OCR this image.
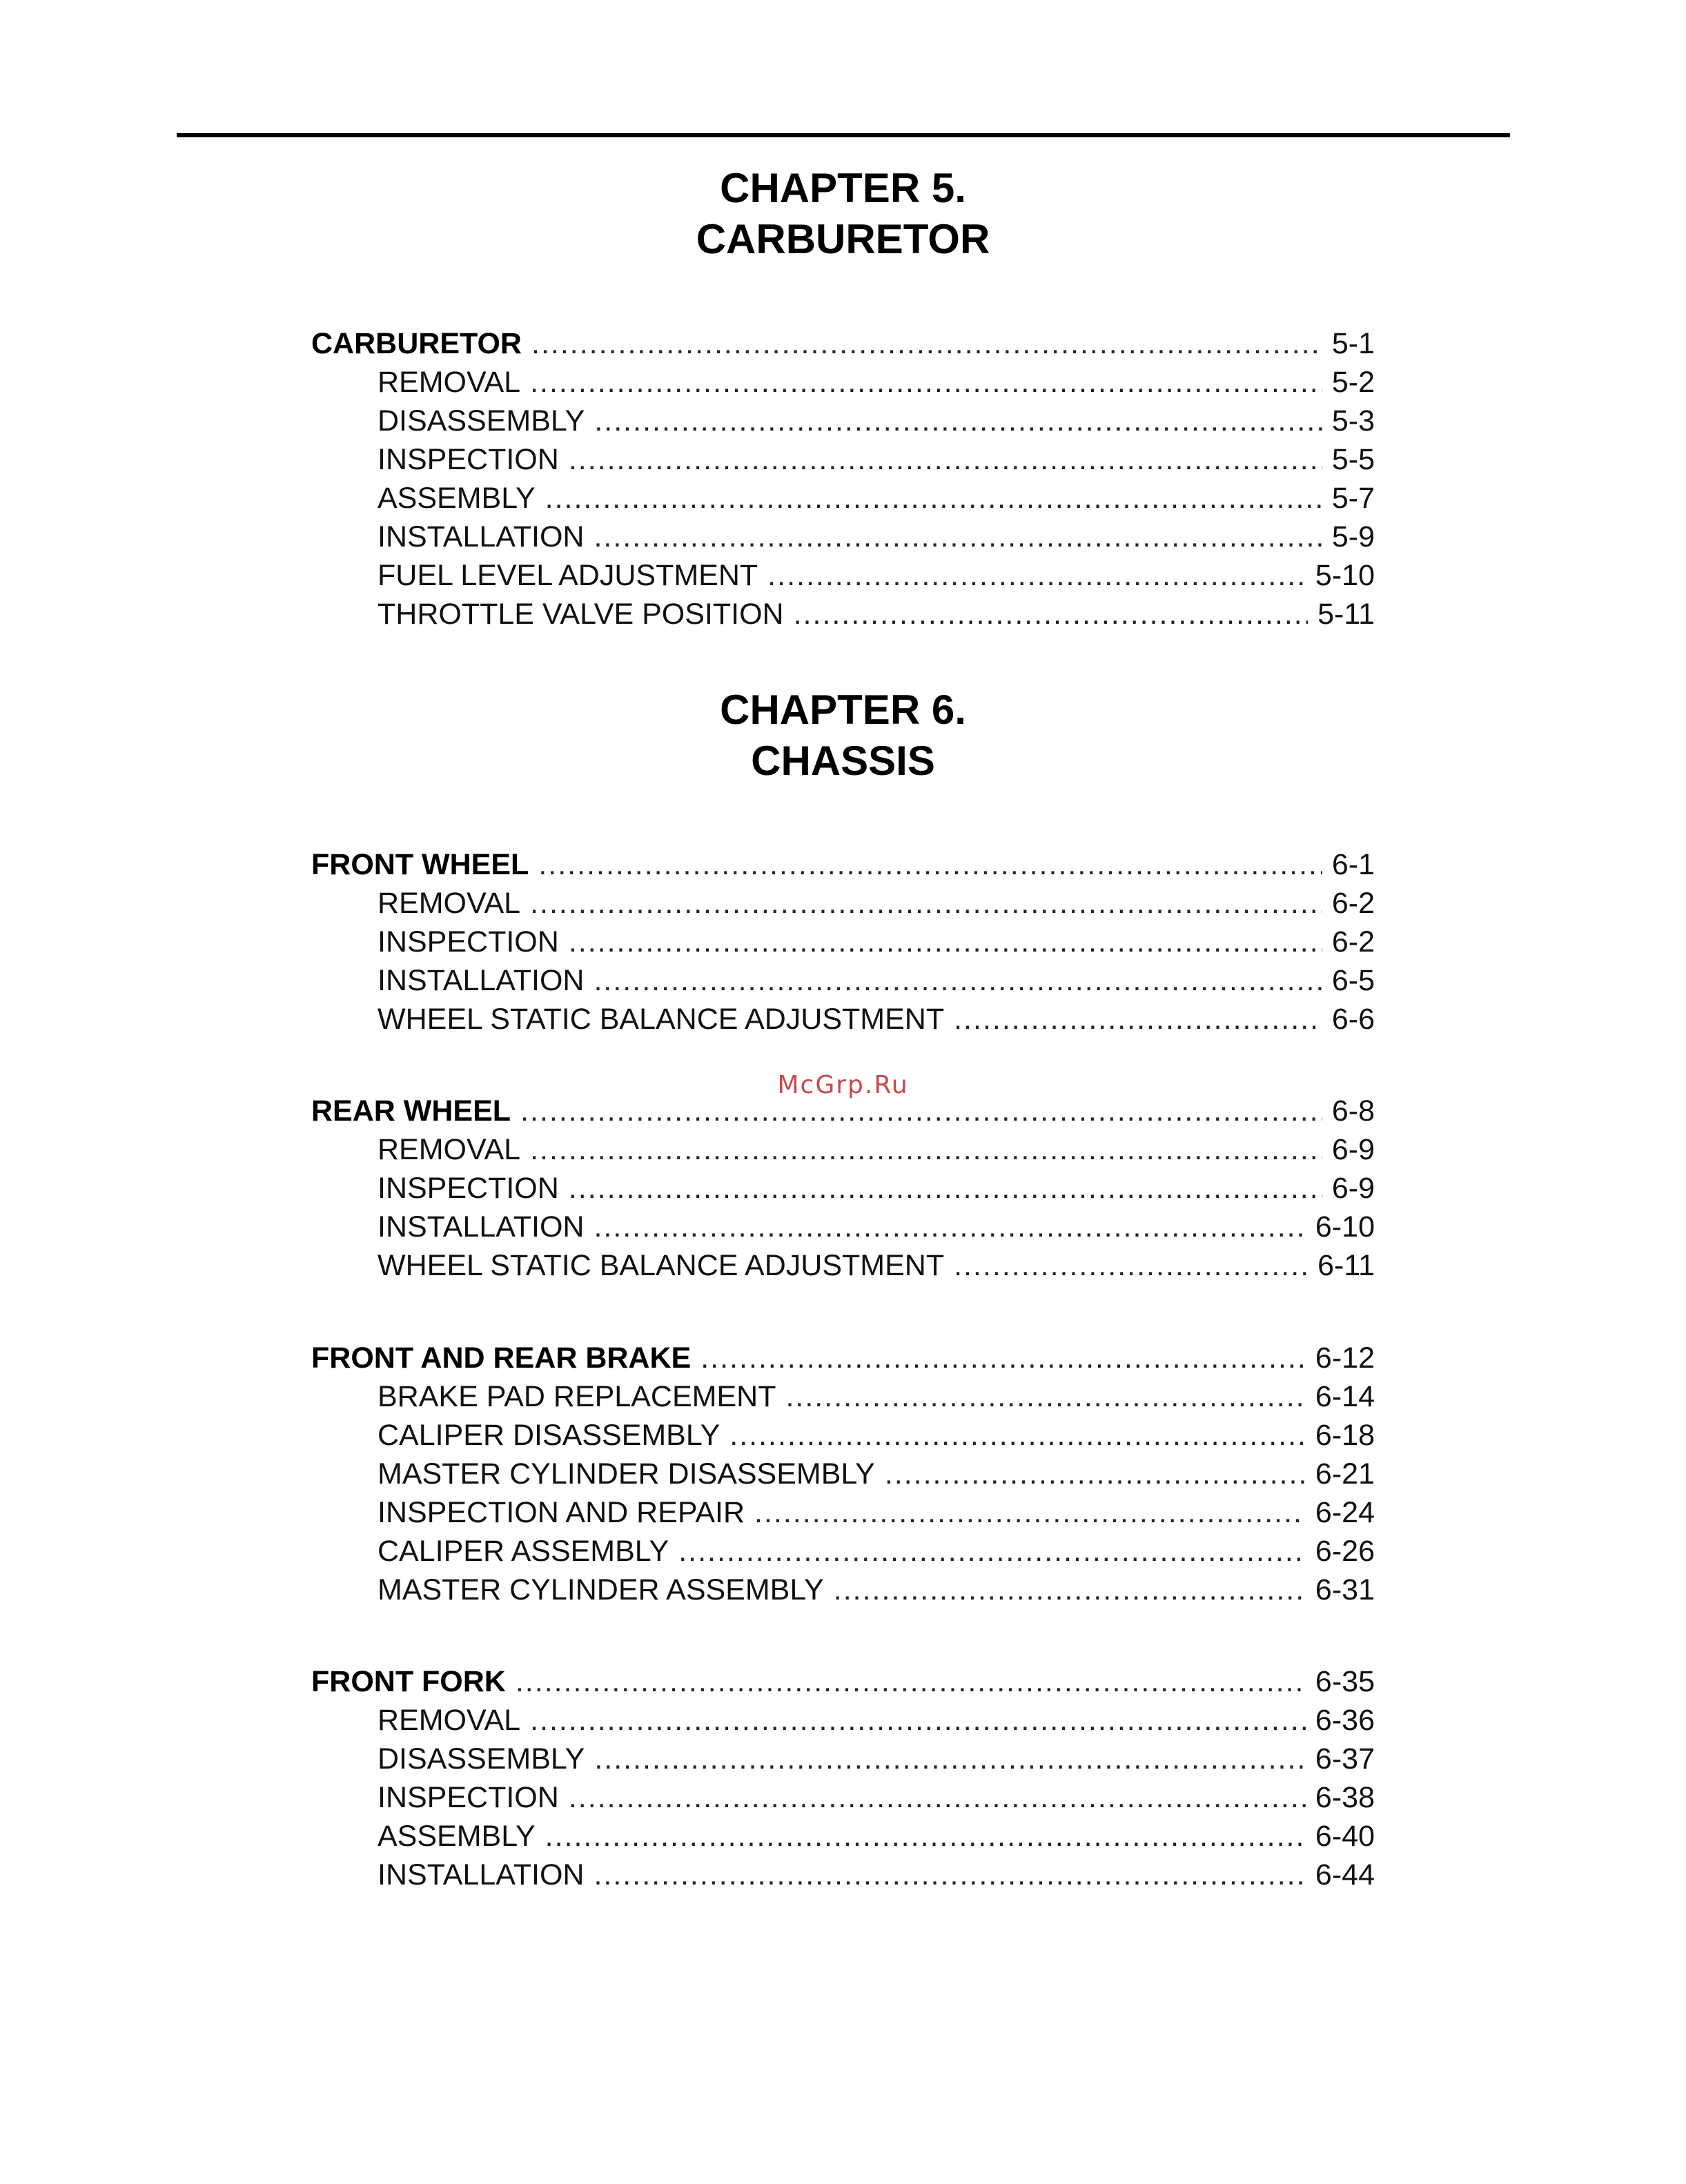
CHAPTER 5.
CARBURETOR
CARBURETOR .....	5-1
REMOVAL .....	5-2
DISASSEMBLY .....	5-3
INSPECTION .....	5-5
ASSEMBLY .....	5-7
INSTALLATION .....	5-9
FUEL LEVEL ADJUSTMENT .....	5-10
THROTTLE VALVE POSITION .....	5-11
CHAPTER 6.
CHASSIS
FRONT WHEEL .....	6-1
REMOVAL .....	6-2
INSPECTION .....	6-2
INSTALLATION .....	6-5
WHEEL STATIC BALANCE ADJUSTMENT .....	6-6
McGrp.Ru
REAR WHEEL .....	6-8
REMOVAL .....	6-9
INSPECTION .....	6-9
INSTALLATION .....	6-10
WHEEL STATIC BALANCE ADJUSTMENT .....	6-11
FRONT AND REAR BRAKE .....	6-12
BRAKE PAD REPLACEMENT .....	6-14
CALIPER DISASSEMBLY .....	6-18
MASTER CYLINDER DISASSEMBLY .....	6-21
INSPECTION AND REPAIR .....	6-24
CALIPER ASSEMBLY .....	6-26
MASTER CYLINDER ASSEMBLY .....	6-31
FRONT FORK .....	6-35
REMOVAL .....	6-36
DISASSEMBLY .....	6-37
INSPECTION .....	6-38
ASSEMBLY .....	6-40
INSTALLATION .....	6-44
